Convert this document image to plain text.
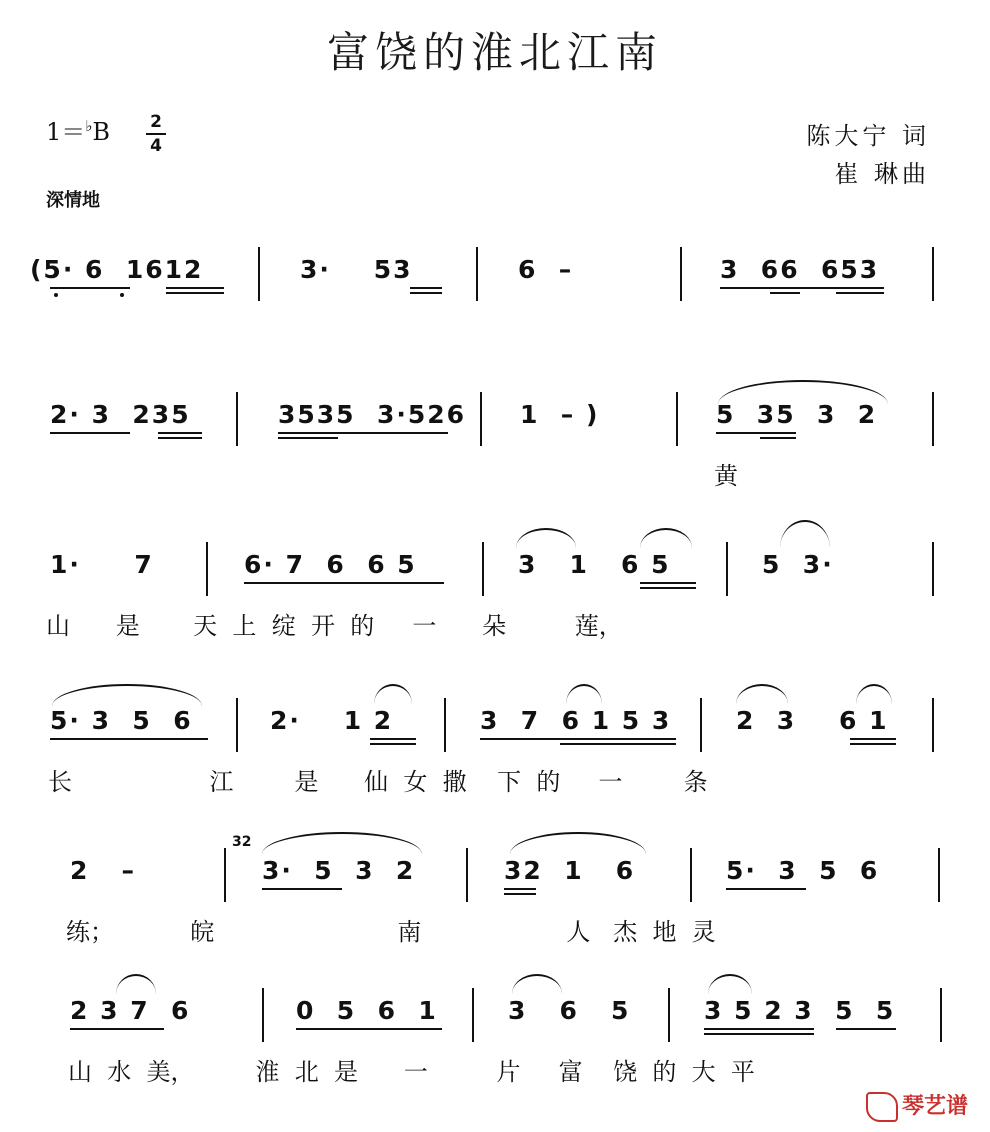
富饶的淮北江南
1＝♭B 2
4	陈大宁 词
崔 琳曲
深情地
(5· 6  1612	3·    53	6  –	3  66  653
2· 3  235	3535  3·526 1  – )	5  35  3  2
黄
1·     7	6· 7  6  6 5	3   1   6 5	5  3·
山      是       天  上  绽  开  的     一      朵         莲，
5· 3  5  6	2·    1 2	3  7  6 1 5 3	2  3    6 1
长                  江        是      仙  女  撒    下  的     一        条
2   –
32
3·  5  3  2	32  1   6	5·  3  5  6
练；          皖                        南                   人   杰  地  灵
2 3 7  6	0  5  6  1	3   6   5	3 5 2 3  5  5
山  水  美，        淮  北  是      一         片     富    饶  的  大  平
琴艺谱
